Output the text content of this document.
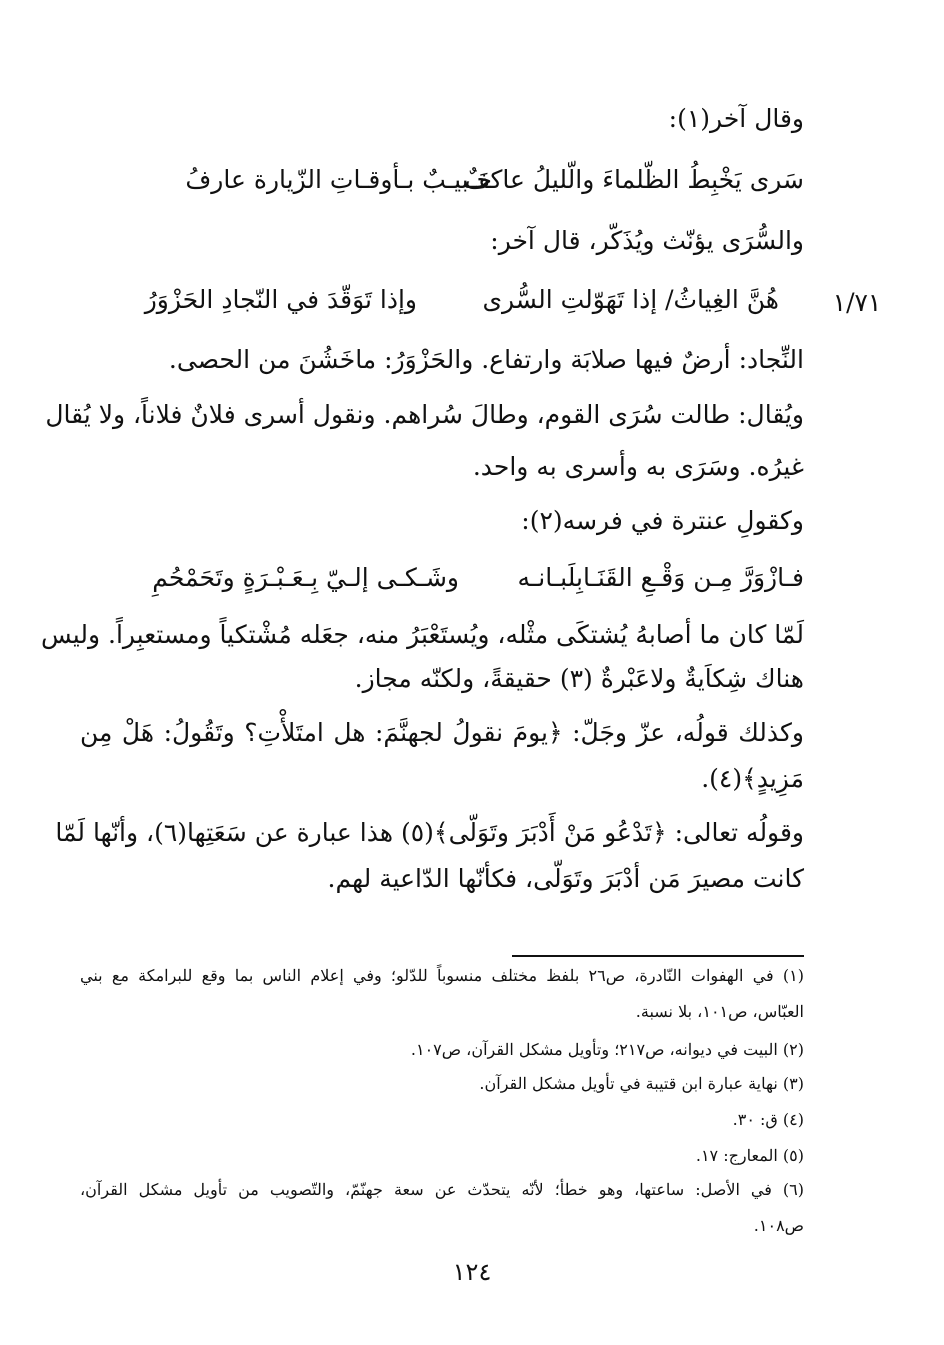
وقال آخر(١):
سَرى يَخْبِطُ الظّلماءَ والّليلُ عاكفٌ
حَـبيـبٌ بـأوقـاتِ الزّيارة عارفُ
والسُّرَى يؤنّث ويُذَكّر، قال آخر:
هُنَّ الغِياثُ/ إذا تَهَوّلتِ السُّرى
وإذا تَوَقّدَ في النّجادِ الحَزْوَرُ	١/٧١
النِّجاد: أرضٌ فيها صلابَة وارتفاع. والحَزْوَرُ: ماخَشُنَ من الحصى.
ويُقال: طالت سُرَى القوم، وطالَ سُراهم. ونقول أسرى فلانٌ فلاناً، ولا يُقال
غيرُه. وسَرَى به وأسرى به واحد.
وكقولِ عنترة في فرسه(٢):
فـازْوَرَّ مِـن وَقْـعِ القَنَـابِلَبـانـه
وشَـكـى إلـيّ بِـعَـبْـرَةٍ وتَحَمْحُمِ
لَمّا كان ما أصابهُ يُشتكَى مثْله، ويُستَعْبَرُ منه، جعَله مُشْتكياً ومستعبِراً. وليس
هناك شِكاَيةٌ ولاعَبْرةٌ (٣) حقيقةً، ولكنّه مجاز.
وكذلك قولُه، عزّ وجَلّ: ﴿يومَ نقولُ لجهنَّمَ: هل امتَلأْتِ؟ وتَقُولُ: هَلْ مِن
مَزِيدٍ﴾(٤).
وقولُه تعالى: ﴿تَدْعُو مَنْ أَدْبَرَ وتَوَلّى﴾(٥) هذا عبارة عن سَعَتِها(٦)، وأنّها لَمّا
كانت مصيرَ مَن أدْبَرَ وتَوَلّى، فكأنّها الدّاعية لهم.
(١) في الهفوات النّادرة، ص٢٦ بلفظ مختلف منسوباً للدّلو؛ وفي إعلام الناس بما وقع للبرامكة مع بني
العبّاس، ص١٠١، بلا نسبة.
(٢) البيت في ديوانه، ص٢١٧؛ وتأويل مشكل القرآن، ص١٠٧.
(٣) نهاية عبارة ابن قتيبة في تأويل مشكل القرآن.
(٤) ق: ٣٠.
(٥) المعارج: ١٧.
(٦) في الأصل: ساعتها، وهو خطأ؛ لأنّه يتحدّث عن سعة جهنّمّ، والتّصويب من تأويل مشكل القرآن،
ص١٠٨.
١٢٤
